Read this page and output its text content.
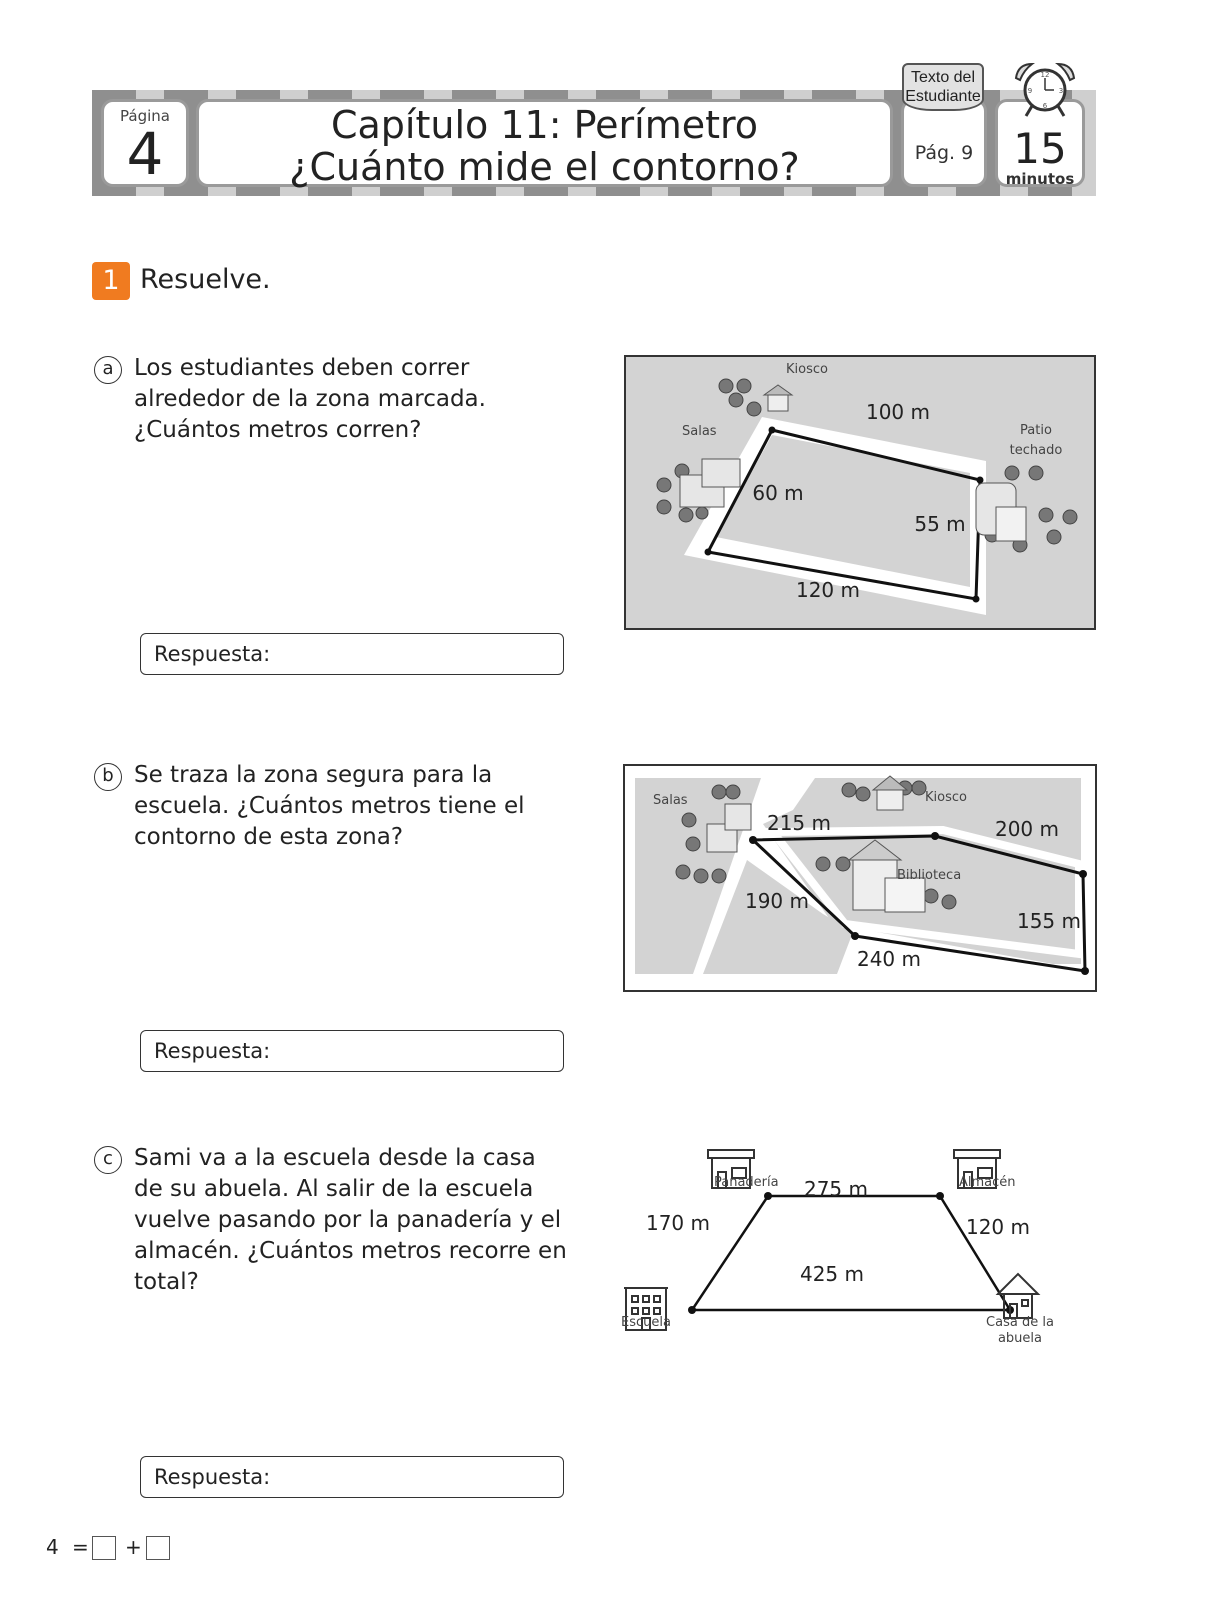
Página
4	Capítulo 11: Perímetro
¿Cuánto mide el contorno?	Pág. 9
Texto del
Estudiante
15
minutos
12
3
6
9
1 Resuelve.
a Los estudiantes deben correr alrededor de la zona marcada. ¿Cuántos metros corren?
Respuesta:
Kiosco
Salas	Patio
techado
100 m
60 m
55 m
120 m
b Se traza la zona segura para la escuela. ¿Cuántos metros tiene el contorno de esta zona?
Respuesta:
Salas	Kiosco
Biblioteca
215 m	200 m
190 m
155 m
240 m
c Sami va a la escuela desde la casa de su abuela. Al salir de la escuela vuelve pasando por la panadería y el almacén. ¿Cuántos metros recorre en total?
Respuesta:
Panadería	Almacén
Escuela	Casa de la
abuela
275 m
170 m	120 m
425 m
4 = +
